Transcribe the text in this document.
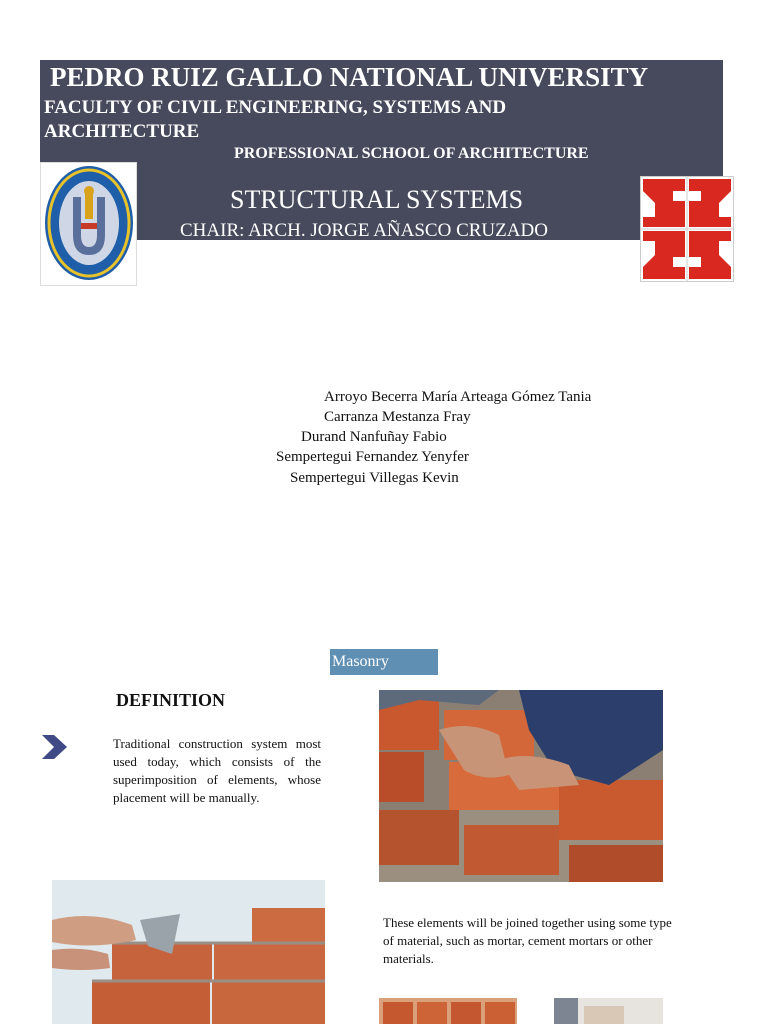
PEDRO RUIZ GALLO NATIONAL UNIVERSITY
FACULTY OF CIVIL ENGINEERING, SYSTEMS AND ARCHITECTURE
PROFESSIONAL SCHOOL OF ARCHITECTURE
STRUCTURAL SYSTEMS
CHAIR: ARCH. JORGE AÑASCO CRUZADO
Arroyo Becerra María Arteaga Gómez Tania
Carranza Mestanza Fray
Durand Nanfuñay Fabio
Sempertegui Fernandez Yenyfer
Sempertegui Villegas Kevin
Masonry
DEFINITION
Traditional construction system most used today, which consists of the superimposition of elements, whose placement will be manually.
These elements will be joined together using some type of material, such as mortar, cement mortars or other materials.
